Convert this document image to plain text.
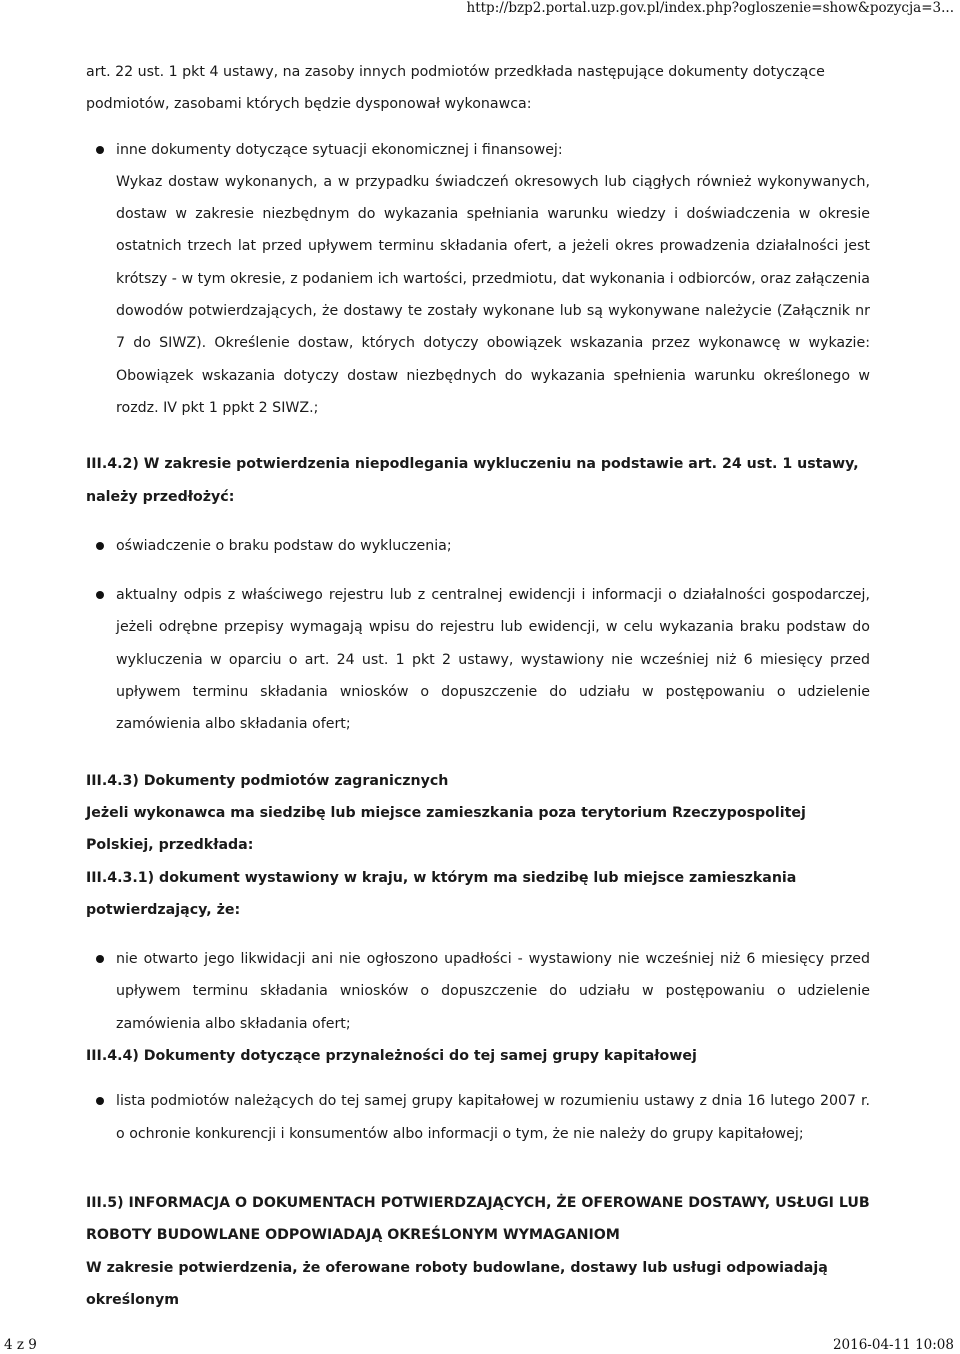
http://bzp2.portal.uzp.gov.pl/index.php?ogloszenie=show&pozycja=3...

art. 22 ust. 1 pkt 4 ustawy, na zasoby innych podmiotów przedkłada następujące dokumenty dotyczące podmiotów, zasobami których będzie dysponował wykonawca:

inne dokumenty dotyczące sytuacji ekonomicznej i finansowej:
Wykaz dostaw wykonanych, a w przypadku świadczeń okresowych lub ciągłych również wykonywanych, dostaw w zakresie niezbędnym do wykazania spełniania warunku wiedzy i doświadczenia w okresie ostatnich trzech lat przed upływem terminu składania ofert, a jeżeli okres prowadzenia działalności jest krótszy - w tym okresie, z podaniem ich wartości, przedmiotu, dat wykonania i odbiorców, oraz załączenia dowodów potwierdzających, że dostawy te zostały wykonane lub są wykonywane należycie (Załącznik nr 7 do SIWZ). Określenie dostaw, których dotyczy obowiązek wskazania przez wykonawcę w wykazie: Obowiązek wskazania dotyczy dostaw niezbędnych do wykazania spełnienia warunku określonego w rozdz. IV pkt 1 ppkt 2 SIWZ.;

III.4.2) W zakresie potwierdzenia niepodlegania wykluczeniu na podstawie art. 24 ust. 1 ustawy, należy przedłożyć:

oświadczenie o braku podstaw do wykluczenia;
aktualny odpis z właściwego rejestru lub z centralnej ewidencji i informacji o działalności gospodarczej, jeżeli odrębne przepisy wymagają wpisu do rejestru lub ewidencji, w celu wykazania braku podstaw do wykluczenia w oparciu o art. 24 ust. 1 pkt 2 ustawy, wystawiony nie wcześniej niż 6 miesięcy przed upływem terminu składania wniosków o dopuszczenie do udziału w postępowaniu o udzielenie zamówienia albo składania ofert;

III.4.3) Dokumenty podmiotów zagranicznych

Jeżeli wykonawca ma siedzibę lub miejsce zamieszkania poza terytorium Rzeczypospolitej Polskiej, przedkłada:

III.4.3.1) dokument wystawiony w kraju, w którym ma siedzibę lub miejsce zamieszkania potwierdzający, że:

nie otwarto jego likwidacji ani nie ogłoszono upadłości - wystawiony nie wcześniej niż 6 miesięcy przed upływem terminu składania wniosków o dopuszczenie do udziału w postępowaniu o udzielenie zamówienia albo składania ofert;

III.4.4) Dokumenty dotyczące przynależności do tej samej grupy kapitałowej

lista podmiotów należących do tej samej grupy kapitałowej w rozumieniu ustawy z dnia 16 lutego 2007 r. o ochronie konkurencji i konsumentów albo informacji o tym, że nie należy do grupy kapitałowej;

III.5) INFORMACJA O DOKUMENTACH POTWIERDZAJĄCYCH, ŻE OFEROWANE DOSTAWY, USŁUGI LUB ROBOTY BUDOWLANE ODPOWIADAJĄ OKREŚLONYM WYMAGANIOM

W zakresie potwierdzenia, że oferowane roboty budowlane, dostawy lub usługi odpowiadają określonym

4 z 9	2016-04-11 10:08
